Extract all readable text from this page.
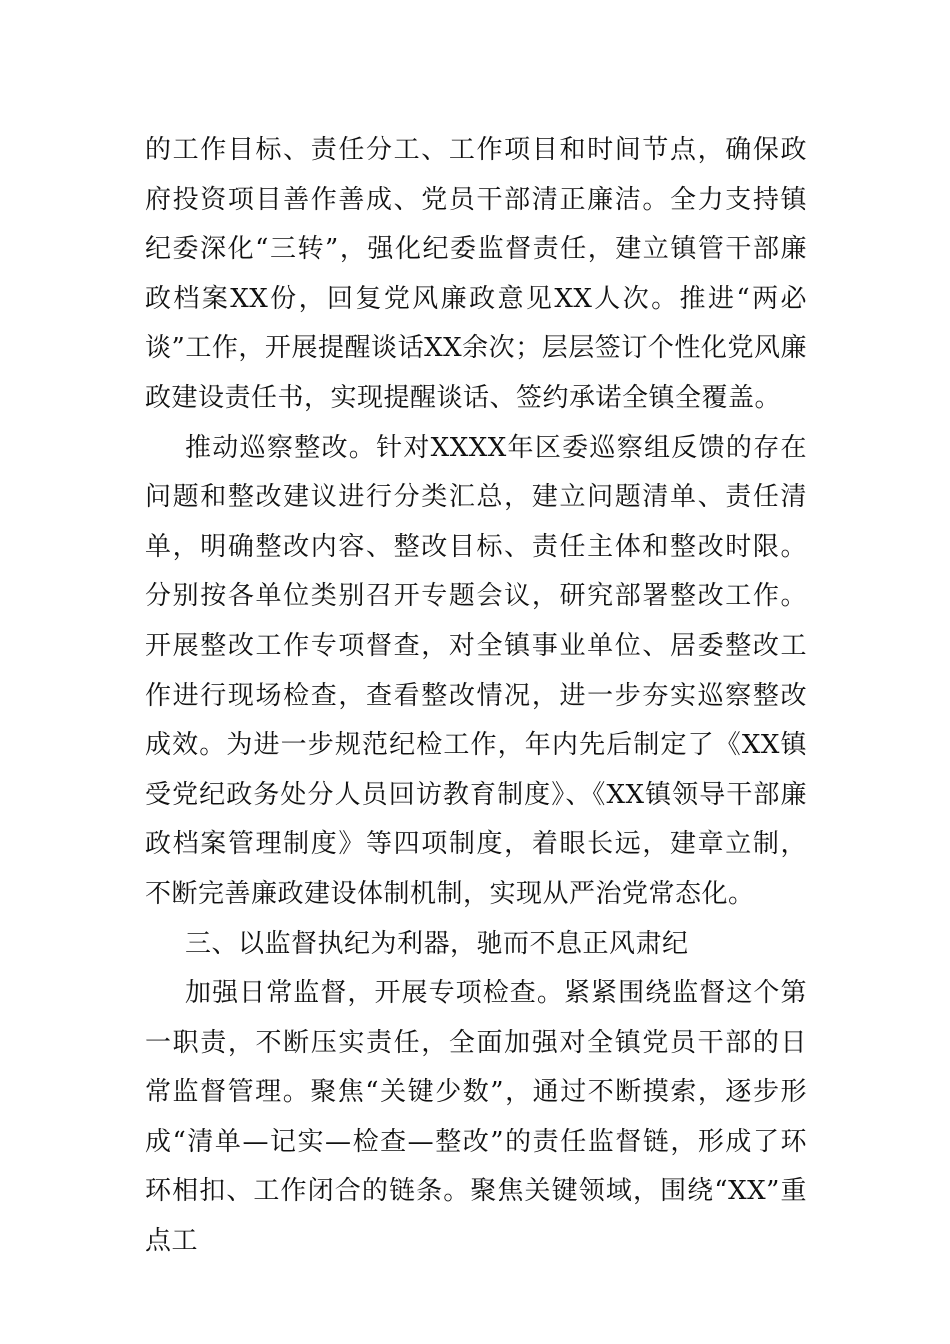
的工作目标、责任分工、工作项目和时间节点，确保政府投资项目善作善成、党员干部清正廉洁。全力支持镇纪委深化“三转”，强化纪委监督责任，建立镇管干部廉政档案XX份，回复党风廉政意见XX人次。推进“两必谈”工作，开展提醒谈话XX余次；层层签订个性化党风廉政建设责任书，实现提醒谈话、签约承诺全镇全覆盖。

推动巡察整改。针对XXXX年区委巡察组反馈的存在问题和整改建议进行分类汇总，建立问题清单、责任清单，明确整改内容、整改目标、责任主体和整改时限。分别按各单位类别召开专题会议，研究部署整改工作。开展整改工作专项督查，对全镇事业单位、居委整改工作进行现场检查，查看整改情况，进一步夯实巡察整改成效。为进一步规范纪检工作，年内先后制定了《XX镇受党纪政务处分人员回访教育制度》、《XX镇领导干部廉政档案管理制度》等四项制度，着眼长远，建章立制，不断完善廉政建设体制机制，实现从严治党常态化。

三、以监督执纪为利器，驰而不息正风肃纪

加强日常监督，开展专项检查。紧紧围绕监督这个第一职责，不断压实责任，全面加强对全镇党员干部的日常监督管理。聚焦“关键少数”，通过不断摸索，逐步形成“清单—记实—检查—整改”的责任监督链，形成了环环相扣、工作闭合的链条。聚焦关键领域，围绕“XX”重点工
